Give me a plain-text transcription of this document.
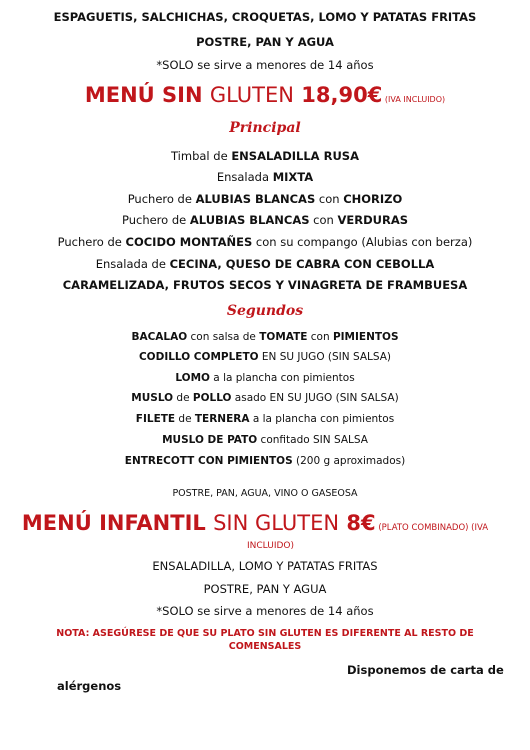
ESPAGUETIS, SALCHICHAS, CROQUETAS, LOMO Y PATATAS FRITAS
POSTRE, PAN Y AGUA
*SOLO se sirve a menores de 14 años
MENÚ SIN GLUTEN 18,90€ (IVA INCLUIDO)
Principal
Timbal de ENSALADILLA RUSA
Ensalada MIXTA
Puchero de ALUBIAS BLANCAS con CHORIZO
Puchero de ALUBIAS BLANCAS con VERDURAS
Puchero de COCIDO MONTAÑES con su compango (Alubias con berza)
Ensalada de CECINA, QUESO DE CABRA CON CEBOLLA
CARAMELIZADA, FRUTOS SECOS Y VINAGRETA DE FRAMBUESA
Segundos
BACALAO con salsa de TOMATE con PIMIENTOS
CODILLO COMPLETO EN SU JUGO (SIN SALSA)
LOMO a la plancha con pimientos
MUSLO de POLLO asado EN SU JUGO (SIN SALSA)
FILETE de TERNERA a la plancha con pimientos
MUSLO DE PATO confitado SIN SALSA
ENTRECOTT CON PIMIENTOS (200 g aproximados)
POSTRE, PAN, AGUA, VINO O GASEOSA
MENÚ INFANTIL SIN GLUTEN 8€ (PLATO COMBINADO) (IVA
INCLUIDO)
ENSALADILLA, LOMO Y PATATAS FRITAS
POSTRE, PAN Y AGUA
*SOLO se sirve a menores de 14 años
NOTA: ASEGÚRESE DE QUE SU PLATO SIN GLUTEN ES DIFERENTE AL RESTO DE
COMENSALES
Disponemos de carta de
alérgenos
